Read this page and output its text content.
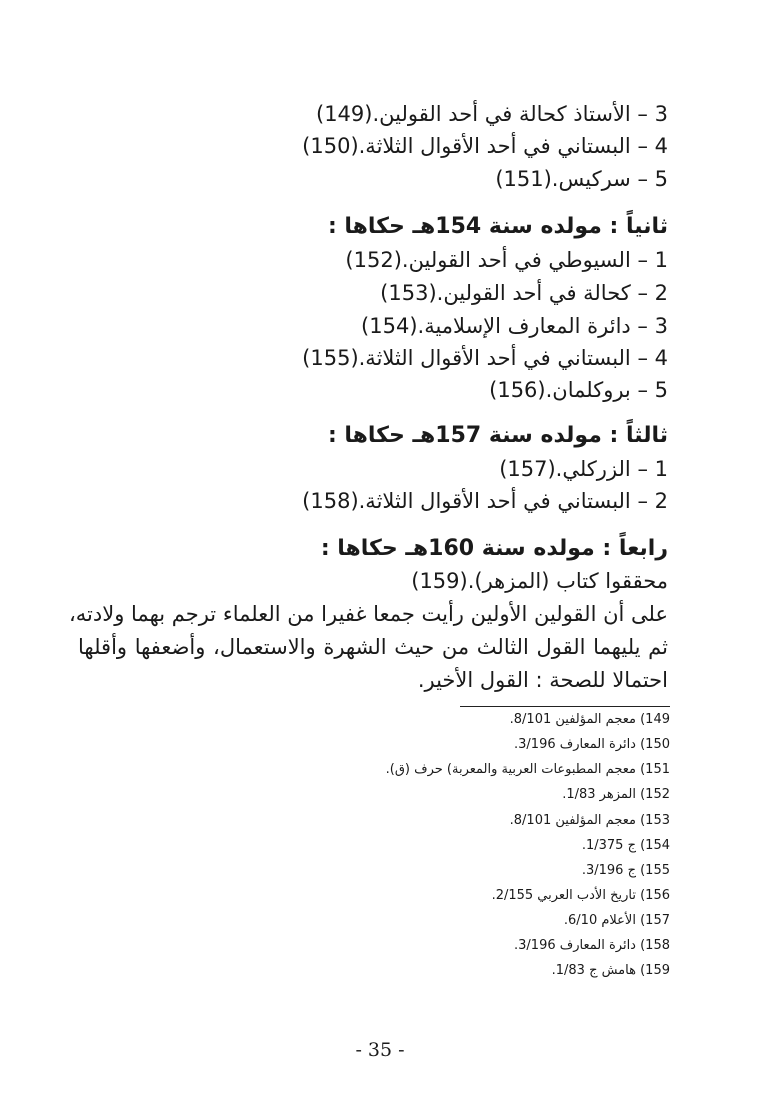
3 – الأستاذ كحالة في أحد القولين.(149)
4 – البستاني في أحد الأقوال الثلاثة.(150)
5 – سركيس.(151)
ثانياً : مولده سنة 154هـ حكاها :
1 – السيوطي في أحد القولين.(152)
2 – كحالة في أحد القولين.(153)
3 – دائرة المعارف الإسلامية.(154)
4 – البستاني في أحد الأقوال الثلاثة.(155)
5 – بروكلمان.(156)
ثالثاً : مولده سنة 157هـ حكاها :
1 – الزركلي.(157)
2 – البستاني في أحد الأقوال الثلاثة.(158)
رابعاً : مولده سنة 160هـ حكاها :
محققوا كتاب (المزهر).(159)
على أن القولين الأولين رأيت جمعا غفيرا من العلماء ترجم بهما ولادته،
ثم يليهما القول الثالث من حيث الشهرة والاستعمال، وأضعفها وأقلها
احتمالا للصحة : القول الأخير.
149) معجم المؤلفين 8/101.
150) دائرة المعارف 3/196.
151) معجم المطبوعات العربية والمعربة) حرف (ق).
152) المزهر 1/83.
153) معجم المؤلفين 8/101.
154) ج 1/375.
155) ج 3/196.
156) تاريخ الأدب العربي 2/155.
157) الأعلام 6/10.
158) دائرة المعارف 3/196.
159) هامش ج 1/83.
- 35 -
